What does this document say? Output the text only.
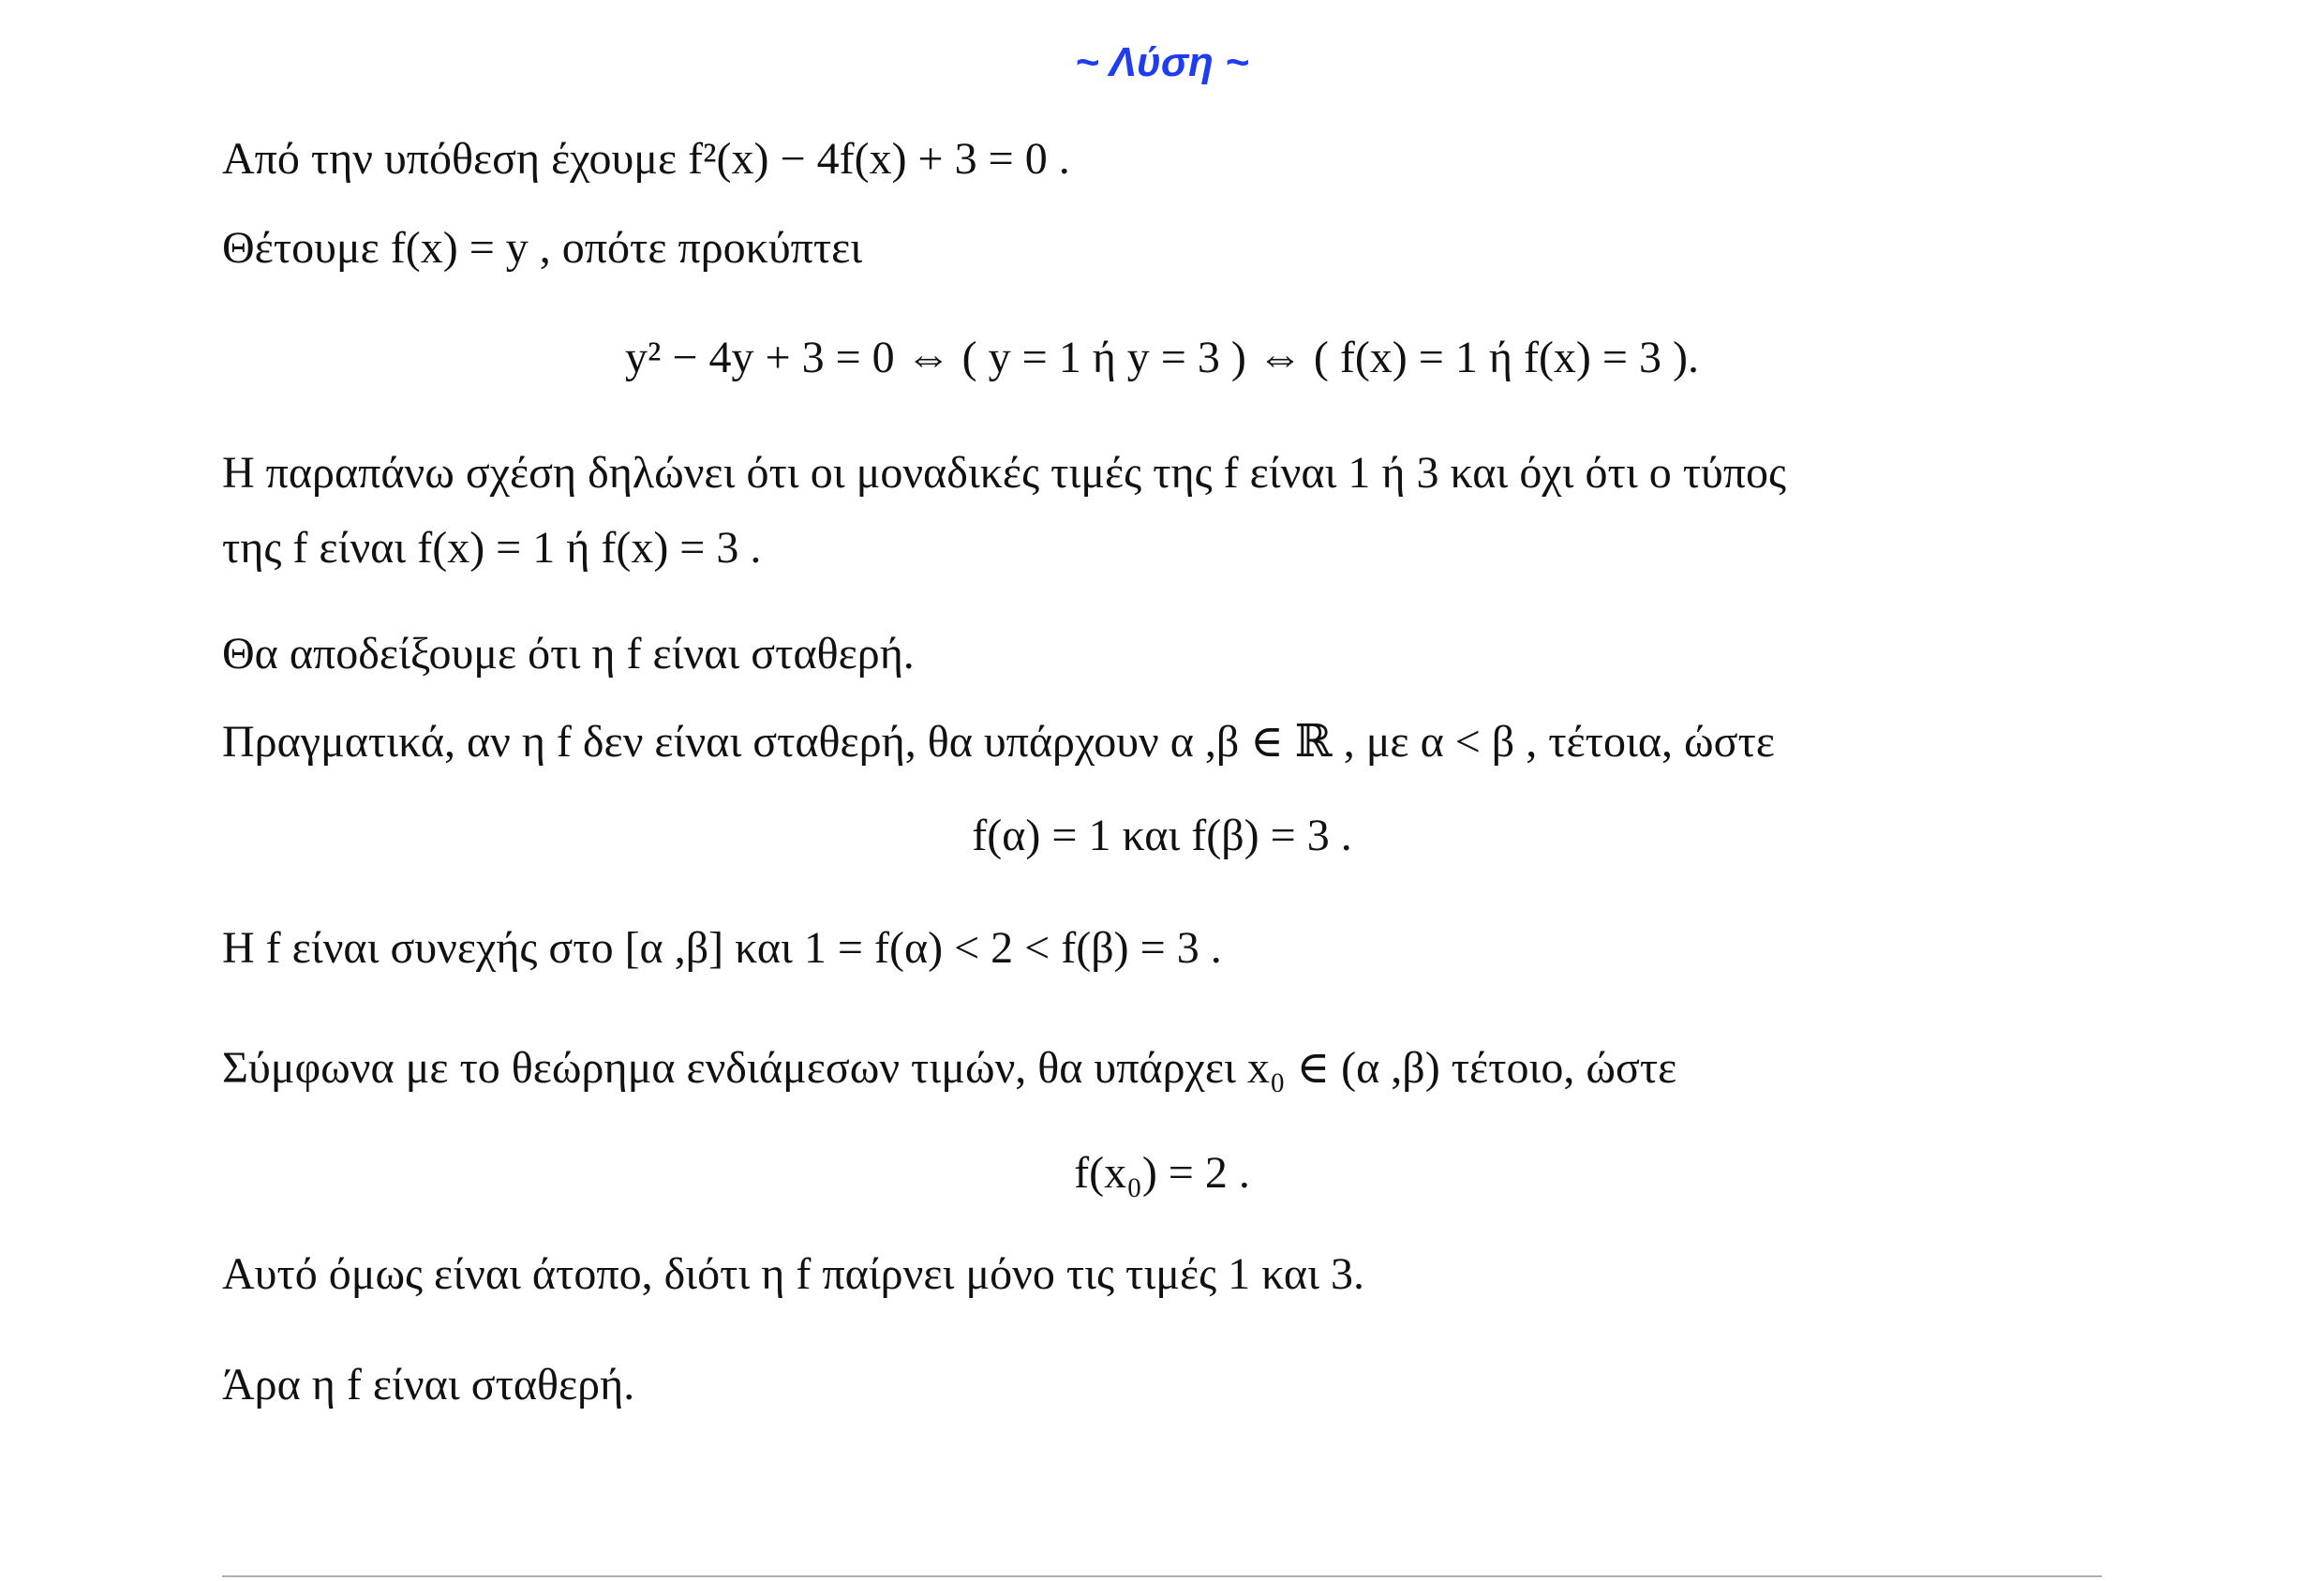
~ Λύση ~
Από την υπόθεση έχουμε f²(x) − 4f(x) + 3 = 0 .
Θέτουμε f(x) = y , οπότε προκύπτει
y² − 4y + 3 = 0 ⇔ ( y = 1 ή y = 3 ) ⇔ ( f(x) = 1 ή f(x) = 3 ).
Η παραπάνω σχέση δηλώνει ότι οι μοναδικές τιμές της f είναι 1 ή 3 και όχι ότι ο τύπος
της f είναι f(x) = 1 ή f(x) = 3 .
Θα αποδείξουμε ότι η f είναι σταθερή.
Πραγματικά, αν η f δεν είναι σταθερή, θα υπάρχουν α ,β ∈ ℝ , με α < β , τέτοια, ώστε
f(α) = 1 και f(β) = 3 .
Η f είναι συνεχής στο [α ,β] και 1 = f(α) < 2 < f(β) = 3 .
Σύμφωνα με το θεώρημα ενδιάμεσων τιμών, θα υπάρχει x₀ ∈ (α ,β) τέτοιο, ώστε
f(x₀) = 2 .
Αυτό όμως είναι άτοπο, διότι η f παίρνει μόνο τις τιμές 1 και 3.
Άρα η f είναι σταθερή.
